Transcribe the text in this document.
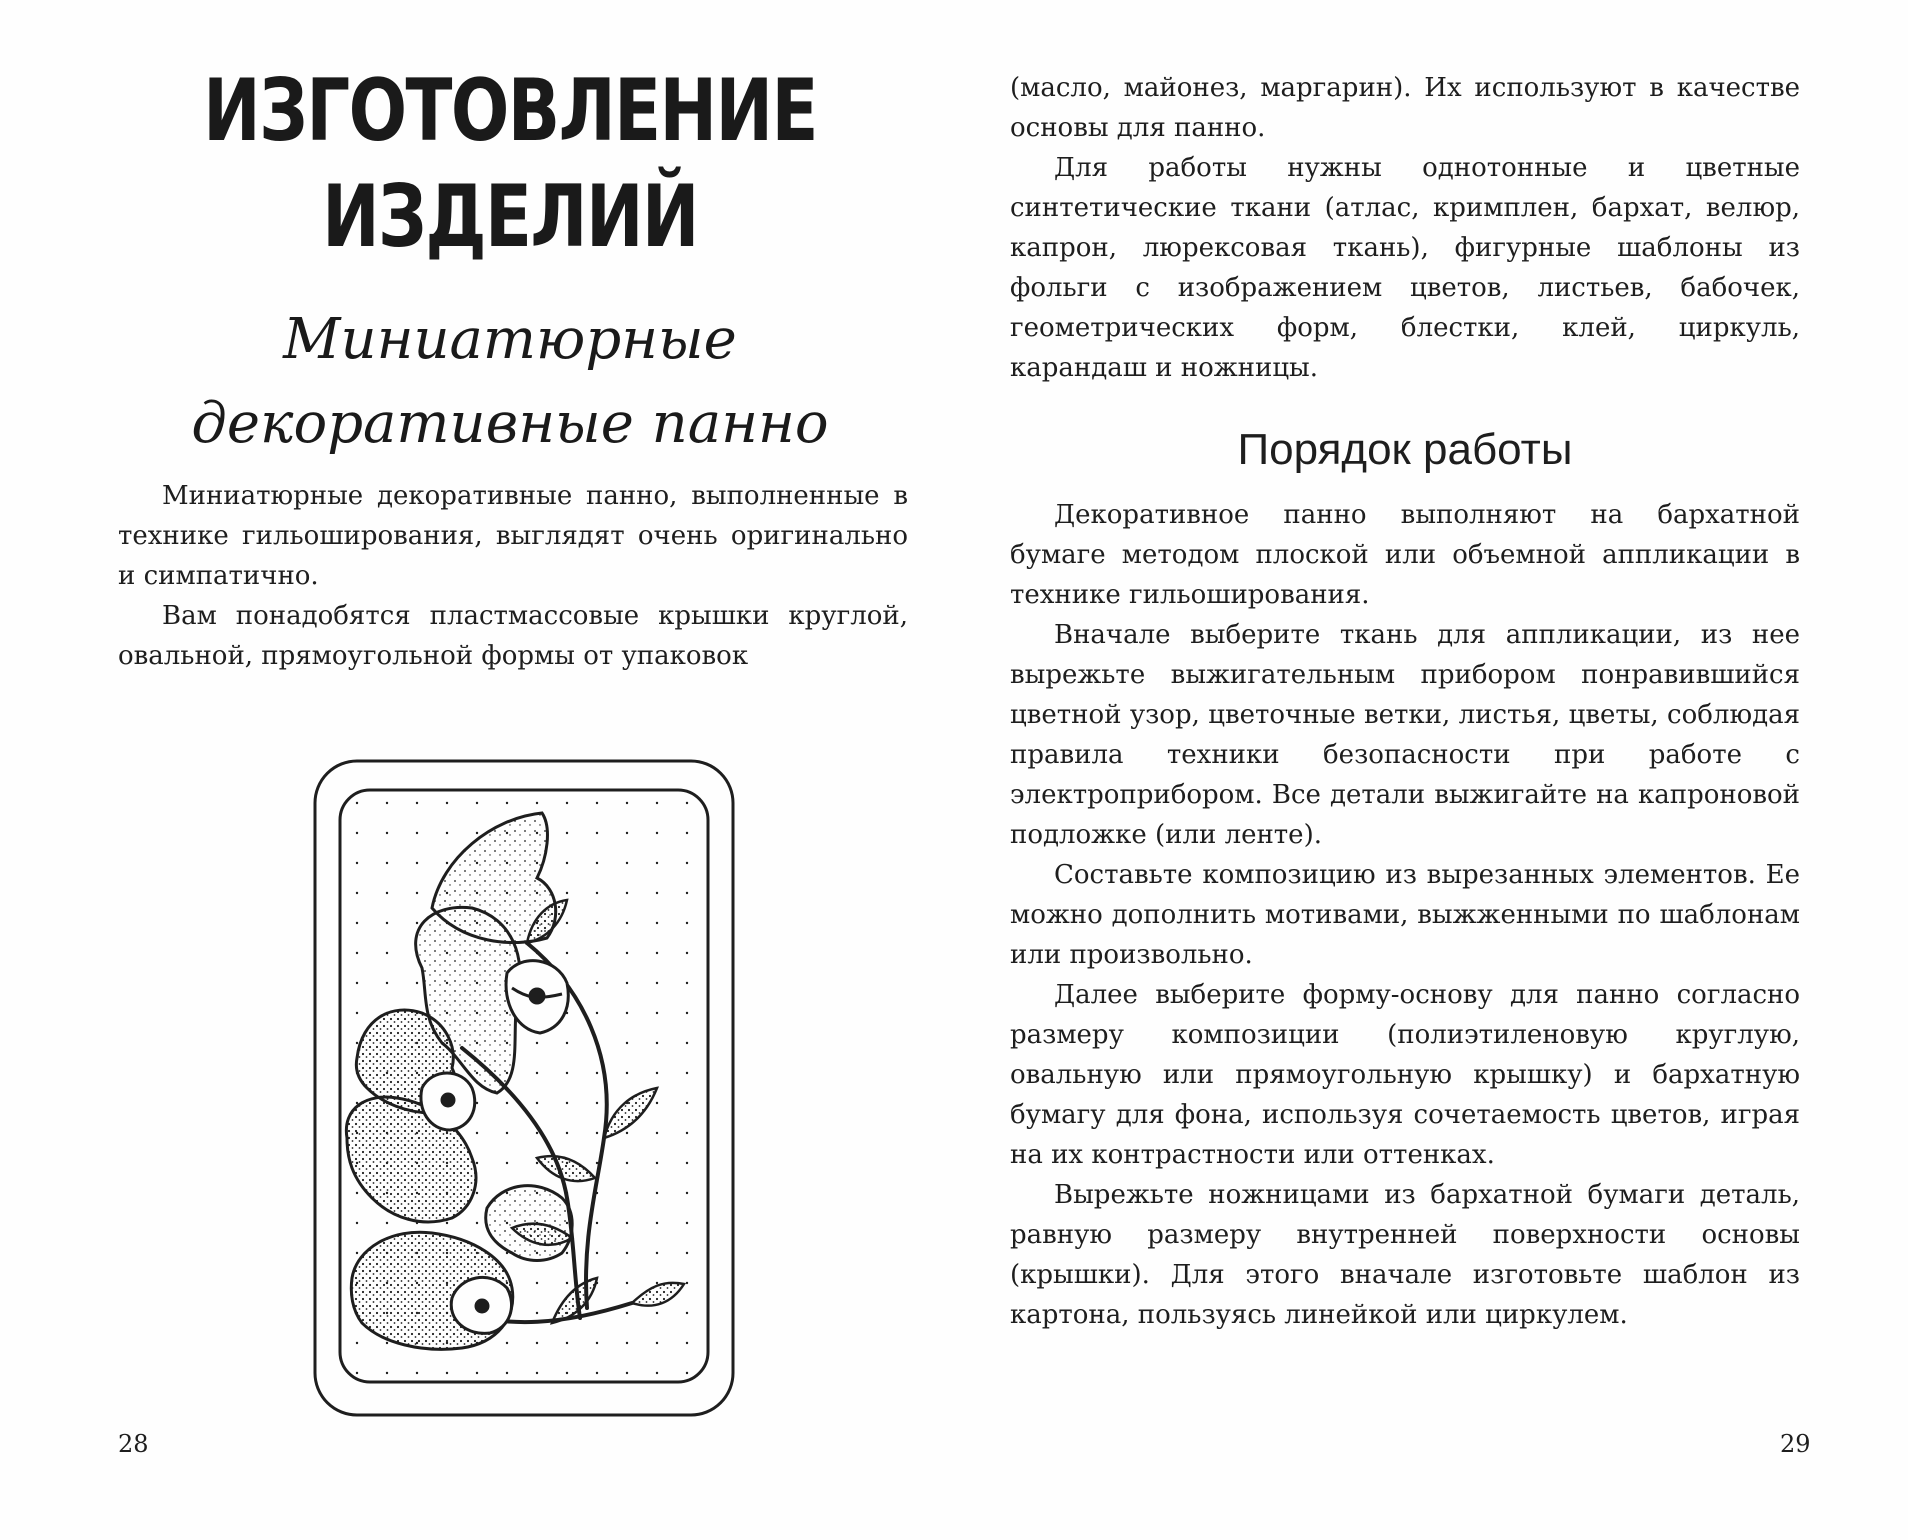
ИЗГОТОВЛЕНИЕ
ИЗДЕЛИЙ
Миниатюрные
декоративные панно

Миниатюрные декоративные панно, выполненные в технике гильоширования, выглядят очень оригинально и симпатично.

Вам понадобятся пластмассовые крышки круглой, овальной, прямоугольной формы от упаковок

28

(масло, майонез, маргарин). Их используют в качестве основы для панно.

Для работы нужны однотонные и цветные синтетические ткани (атлас, кримплен, бархат, велюр, капрон, люрексовая ткань), фигурные шаблоны из фольги с изображением цветов, листьев, бабочек, геометрических форм, блестки, клей, циркуль, карандаш и ножницы.

Порядок работы

Декоративное панно выполняют на бархатной бумаге методом плоской или объемной аппликации в технике гильоширования.

Вначале выберите ткань для аппликации, из нее вырежьте выжигательным прибором понравившийся цветной узор, цветочные ветки, листья, цветы, соблюдая правила техники безопасности при работе с электроприбором. Все детали выжигайте на капроновой подложке (или ленте).

Составьте композицию из вырезанных элементов. Ее можно дополнить мотивами, выжженными по шаблонам или произвольно.

Далее выберите форму-основу для панно согласно размеру композиции (полиэтиленовую круглую, овальную или прямоугольную крышку) и бархатную бумагу для фона, используя сочетаемость цветов, играя на их контрастности или оттенках.

Вырежьте ножницами из бархатной бумаги деталь, равную размеру внутренней поверхности основы (крышки). Для этого вначале изготовьте шаблон из картона, пользуясь линейкой или циркулем.

29
